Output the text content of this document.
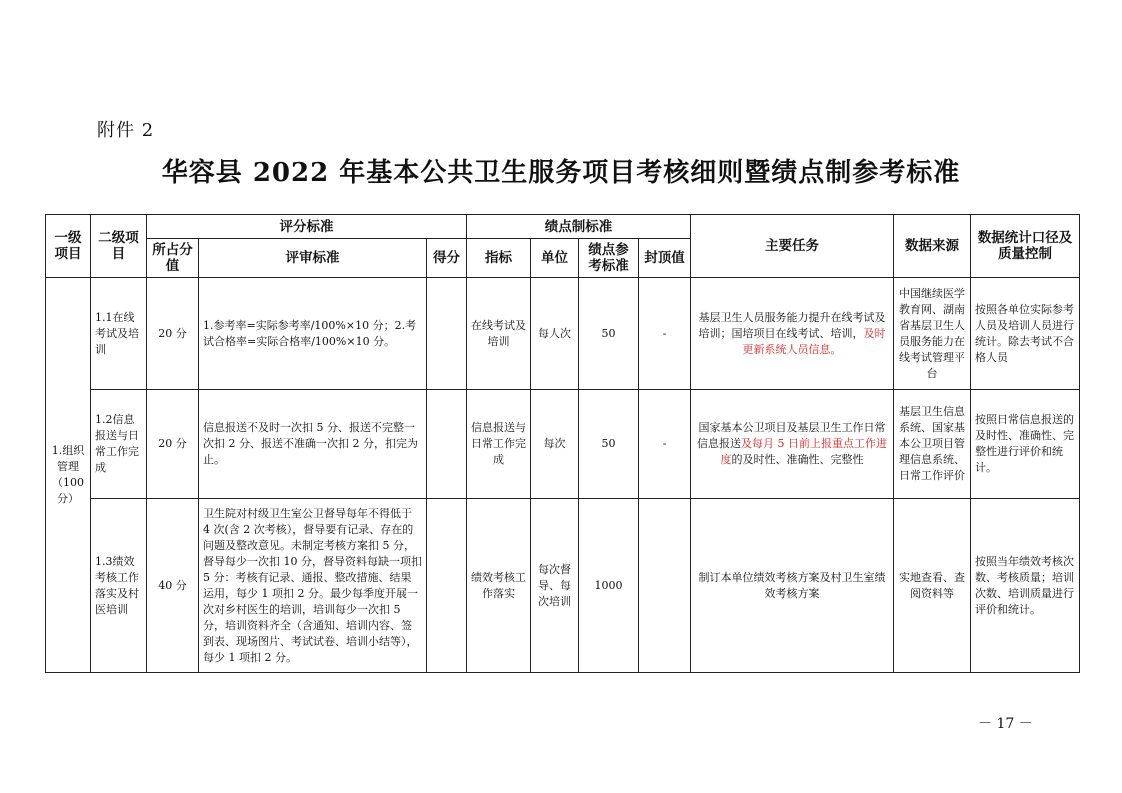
附件 2
华容县 2022 年基本公共卫生服务项目考核细则暨绩点制参考标准
一级项目	二级项目	评分标准			绩点制标准				主要任务	数据来源	数据统计口径及质量控制
		所占分值	评审标准	得分	指标	单位	绩点参考标准	封顶值			
1.组织管理（100分）	1.1在线考试及培训	20 分	1.参考率=实际参考率/100%×10 分；2.考试合格率=实际合格率/100%×10 分。		在线考试及培训	每人次	50	-	基层卫生人员服务能力提升在线考试及培训；国培项目在线考试、培训，及时更新系统人员信息。	中国继续医学教育网、湖南省基层卫生人员服务能力在线考试管理平台	按照各单位实际参考人员及培训人员进行统计。除去考试不合格人员
	1.2信息报送与日常工作完成	20 分	信息报送不及时一次扣 5 分、报送不完整一次扣 2 分、报送不准确一次扣 2 分，扣完为止。		信息报送与日常工作完成	每次	50	-	国家基本公卫项目及基层卫生工作日常信息报送及每月 5 日前上报重点工作进度的及时性、准确性、完整性	基层卫生信息系统、国家基本公卫项目管理信息系统、日常工作评价	按照日常信息报送的及时性、准确性、完整性进行评价和统计。
	1.3绩效考核工作落实及村医培训	40 分	卫生院对村级卫生室公卫督导每年不得低于 4 次(含 2 次考核），督导要有记录、存在的问题及整改意见。未制定考核方案扣 5 分，督导每少一次扣 10 分，督导资料每缺一项扣 5 分：考核有记录、通报、整改措施、结果运用，每少 1 项扣 2 分。最少每季度开展一次对乡村医生的培训，培训每少一次扣 5 分，培训资料齐全（含通知、培训内容、签到表、现场图片、考试试卷、培训小结等），每少 1 项扣 2 分。		绩效考核工作落实	每次督导、每次培训	1000		制订本单位绩效考核方案及村卫生室绩效考核方案	实地查看、查阅资料等	按照当年绩效考核次数、考核质量；培训次数、培训质量进行评价和统计。
－ 17 －
